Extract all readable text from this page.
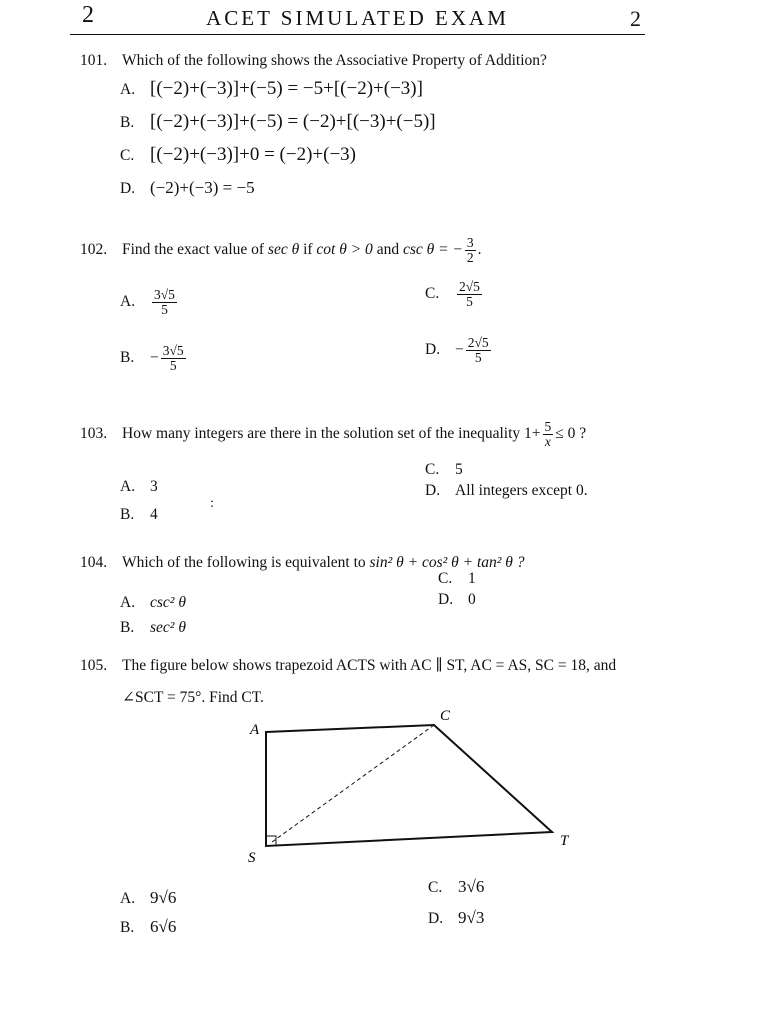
2	ACET SIMULATED EXAM	2
101. Which of the following shows the Associative Property of Addition?
A. [(−2)+(−3)]+(−5) = −5+[(−2)+(−3)]
B. [(−2)+(−3)]+(−5) = (−2)+[(−3)+(−5)]
C. [(−2)+(−3)]+0 = (−2)+(−3)
D. (−2)+(−3) = −5
102. Find the exact value of sec θ if cot θ > 0 and csc θ = − $\frac{3}{2}$ .
A. $\frac{3√5}{5}$
B. − $\frac{3√5}{5}$
C. $\frac{2√5}{5}$
D. − $\frac{2√5}{5}$
103. How many integers are there in the solution set of the inequality $1+ \frac{5}{x} \le 0$ ?
A. 3
B. 4
C. 5
D. All integers except 0.
:
104. Which of the following is equivalent to sin² θ + cos² θ + tan² θ ?
A. csc² θ
B. sec² θ
C. 1
D. 0
105. The figure below shows trapezoid ACTS with AC ∥ ST, AC = AS, SC = 18, and
∠SCT = 75°. Find CT.
A
C
S
T
A. 9√6
B. 6√6
C. 3√6
D. 9√3
